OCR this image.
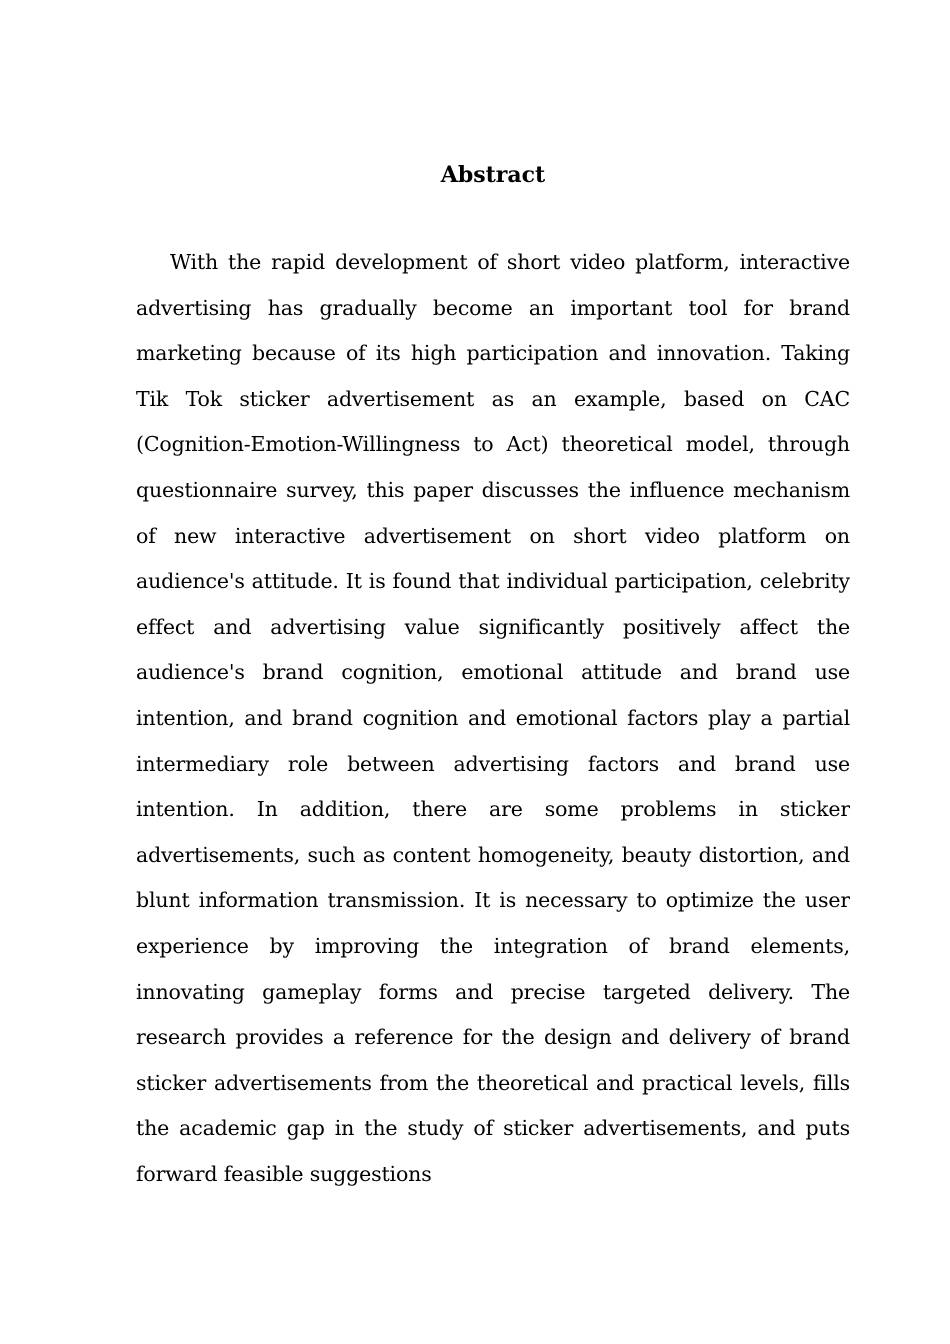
Abstract

With the rapid development of short video platform, interactive advertising has gradually become an important tool for brand marketing because of its high participation and innovation. Taking Tik Tok sticker advertisement as an example, based on CAC (Cognition-Emotion-Willingness to Act) theoretical model, through questionnaire survey, this paper discusses the influence mechanism of new interactive advertisement on short video platform on audience's attitude. It is found that individual participation, celebrity effect and advertising value significantly positively affect the audience's brand cognition, emotional attitude and brand use intention, and brand cognition and emotional factors play a partial intermediary role between advertising factors and brand use intention. In addition, there are some problems in sticker advertisements, such as content homogeneity, beauty distortion, and blunt information transmission. It is necessary to optimize the user experience by improving the integration of brand elements, innovating gameplay forms and precise targeted delivery. The research provides a reference for the design and delivery of brand sticker advertisements from the theoretical and practical levels, fills the academic gap in the study of sticker advertisements, and puts forward feasible suggestions
